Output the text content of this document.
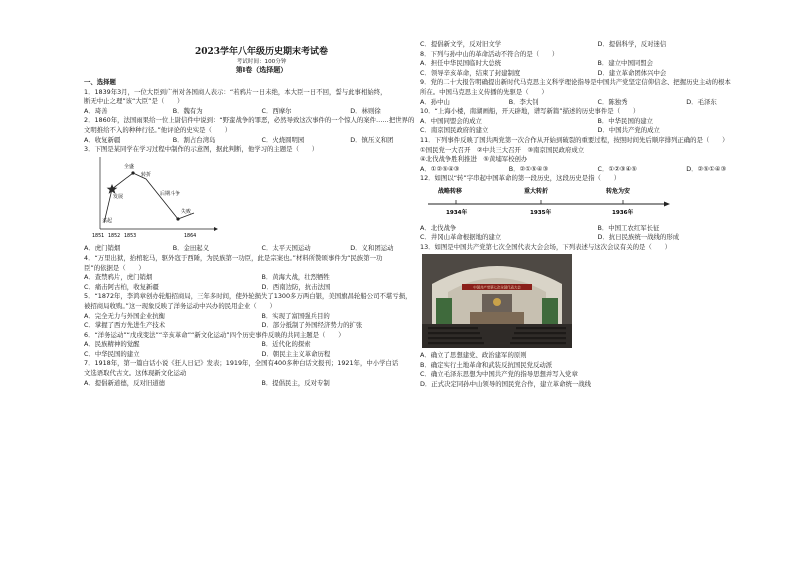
2023学年八年级历史期末考试卷
考试时间：100分钟
第I卷（选择题）
一、选择题
1．1839年3月，一位大臣到广州对各国商人表示：“若鸦片一日未绝，本大臣一日不回，誓与此事相始终，
断无中止之理”该“大臣”是（　　）
A．琦善	B．魏有为	C．西摩尔	D．林则徐
2．1860年，法国雨果给一位上尉信件中说到：“野蛮战争的罪恶，必然导致这次事件的一个惊人的案件……把世界的
文明推给不入的种种行径。”他评论的史实是（　　）
A．收复新疆	B．割占台湾岛	C．火烧圆明园	D．镇压义和团
3．下图是某同学在学习过程中制作的示意图，据此判断，他学习的主题是（　　）
全盛
转折
发展	后期斗争
失败
兴起
1851 1852 1853	1864
A．虎门销烟	B．金田起义	C．太平天国运动	D．义和团运动
4．“万里出狱，抬棺驼马，驱外寇于西陲，为民族第一功臣，此是宗案也。”材料所赞颂事件为“民族第一功
臣”的依据是（　　）
A．查禁鸦片，虎门销烟	B．黄海大战，壮烈牺牲
C．痛击阿古柏，收复新疆	D．西南边防，抗击法国
5．“1872年，李鸿章创办轮船招商局，三年多时间，使外轮损失了1300多万两白银，美国旗昌轮船公司不堪亏损，
被招商局收购。”这一现象反映了洋务运动中兴办的民用企业（　　）
A．完全无力与外国企业抗衡	B．实现了富国强兵目的
C．掌握了西方先进生产技术	D．部分抵制了外国经济势力的扩张
6．“洋务运动”“戊戌变法”“辛亥革命”“新文化运动”四个历史事件反映的共同主题是（　　）
A．民族精神的觉醒	B．近代化的探索
C．中华民国的建立	D．朝民主主义革命历程
7．1918年，第一篇白话小说《狂人日记》发表；1919年，全国有400多种白话文报刊；1921年，中小学白话
文选语取代古文。这体现新文化运动
A．提倡新道德，反对旧道德	B．提倡民主，反对专制
C．提倡新文学，反对旧文学	D．提倡科学，反对迷信
8．下列与孙中山的革命活动不符合的是（　　）
A．担任中华民国临时大总统	B．建立中国同盟会
C．领导辛亥革命，结束了封建制度	D．建立革命团体兴中会
9．党的二十大报告明确提出新时代马克思主义科学理论指导是中国共产党坚定信仰信念、把握历史主动的根本
所在。中国马克思主义传播的先驱是（　　）
A．孙中山	B．李大钊	C．陈独秀	D．毛泽东
10．“上海小楼，南湖画船，开天辟地，谱写新篇”描述的历史事件是（　　）
A．中国同盟会的成立	B．中华民国的建立
C．南京国民政府的建立	D．中国共产党的成立
11．下列事件反映了国共两党第一次合作从开始到破裂的重要过程，按照时间先后顺序排列正确的是（　　）
①国民党一大召开　②中共三大召开　③南京国民政府成立
④北伐战争胜利推进　⑤黄埔军校创办
A．①②⑤④③	B．②①⑤④③	C．①②③④⑤	D．②⑤①④③
12．如图以“转”字串起中国革命的第一段历史，这段历史是指（　　）
战略转移	重大转折	转危为安
1934年	1935年	1936年
A．北伐战争	B．中国工农红军长征
C．井冈山革命根据地的建立	D．抗日民族统一战线的形成
13．如图是中国共产党第七次全国代表大会会场，下列表述与这次会议有关的是（　　）
中国共产党第七次全国代表大会
A．确立了思想建党、政治建军的原则
B．确定实行土地革命和武装反抗国民党反动派
C．确立毛泽东思想为中国共产党的指导思想并写入党章
D．正式决定同孙中山领导的国民党合作，建立革命统一战线
